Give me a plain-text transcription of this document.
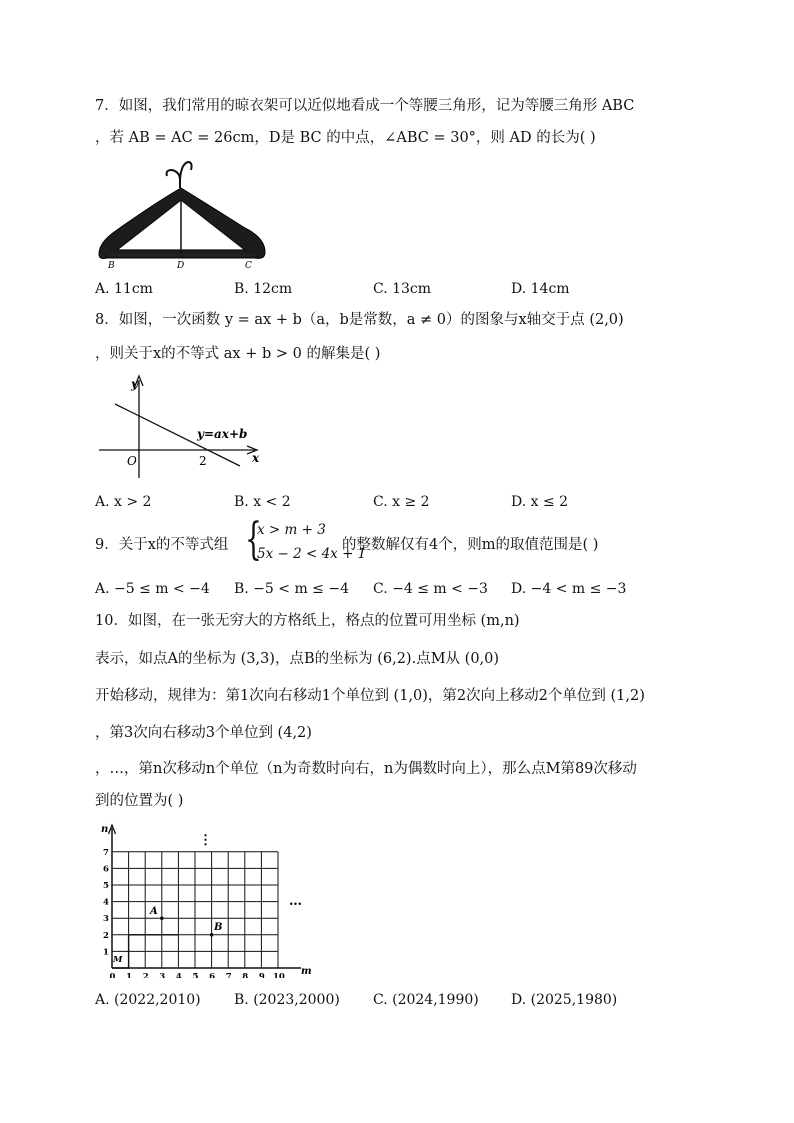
7．如图，我们常用的晾衣架可以近似地看成一个等腰三角形，记为等腰三角形 ABC
，若 AB = AC = 26cm，D是 BC 的中点，∠ABC = 30°，则 AD 的长为( )
B	D	C
A. 11cm	B. 12cm	C. 13cm	D. 14cm
8．如图，一次函数 y = ax + b（a，b是常数，a ≠ 0）的图象与x轴交于点 (2,0)
，则关于x的不等式 ax + b > 0 的解集是( )
y
x
O	2
y=ax+b
A. x > 2	B. x < 2	C. x ≥ 2	D. x ≤ 2
9．关于x的不等式组 {
x > m + 3
5x − 2 < 4x + 1
的整数解仅有4个，则m的取值范围是( )
A. −5 ≤ m < −4 B. −5 < m ≤ −4 C. −4 ≤ m < −3 D. −4 < m ≤ −3
10．如图，在一张无穷大的方格纸上，格点的位置可用坐标 (m,n)
表示，如点A的坐标为 (3,3)，点B的坐标为 (6,2).点M从 (0,0)
开始移动，规律为：第1次向右移动1个单位到 (1,0)，第2次向上移动2个单位到 (1,2)
，第3次向右移动3个单位到 (4,2)
，…，第n次移动n个单位（n为奇数时向右，n为偶数时向上），那么点M第89次移动
到的位置为( )
n
m
0 1 2 3 4 5 6 7 8 9 10
1
2
3
4
5
6
7
A
B
M
⋮
…
A. (2022,2010) B. (2023,2000) C. (2024,1990) D. (2025,1980)
